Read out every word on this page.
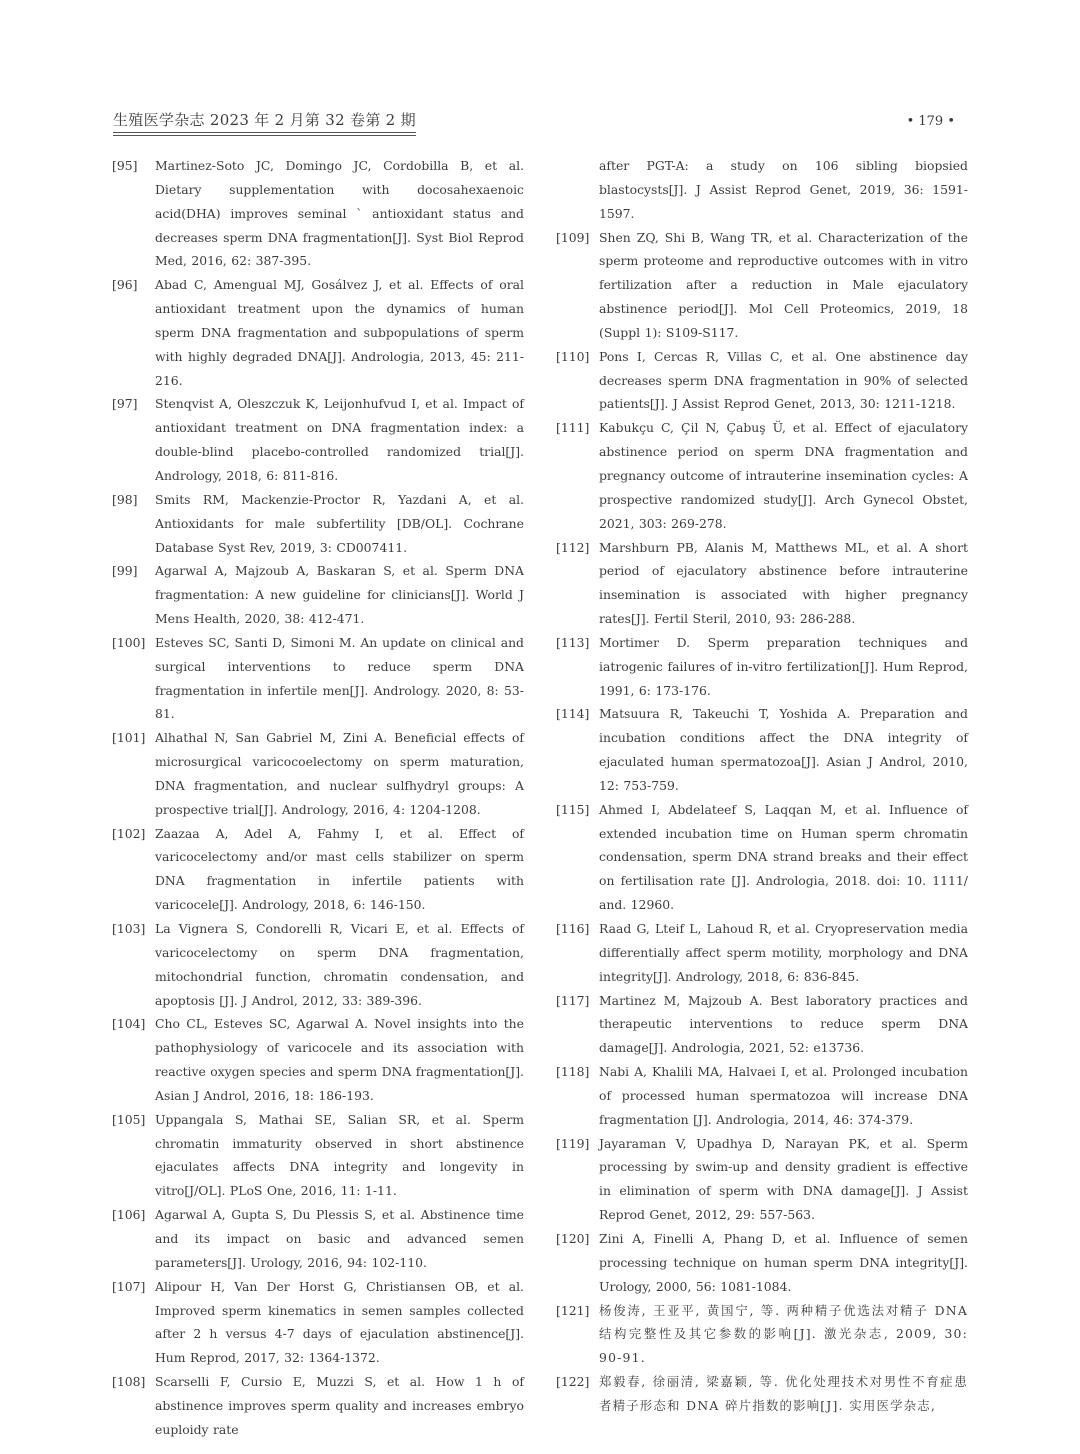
生殖医学杂志 2023 年 2 月第 32 卷第 2 期	• 179 •
[95] Martinez-Soto JC, Domingo JC, Cordobilla B, et al. Dietary supplementation with docosahexaenoic acid(DHA) improves seminal ` antioxidant status and decreases sperm DNA fragmentation[J]. Syst Biol Reprod Med, 2016, 62: 387-395.
[96] Abad C, Amengual MJ, Gosálvez J, et al. Effects of oral antioxidant treatment upon the dynamics of human sperm DNA fragmentation and subpopulations of sperm with highly degraded DNA[J]. Andrologia, 2013, 45: 211-216.
[97] Stenqvist A, Oleszczuk K, Leijonhufvud I, et al. Impact of antioxidant treatment on DNA fragmentation index: a double-blind placebo-controlled randomized trial[J]. Andrology, 2018, 6: 811-816.
[98] Smits RM, Mackenzie-Proctor R, Yazdani A, et al. Antioxidants for male subfertility [DB/OL]. Cochrane Database Syst Rev, 2019, 3: CD007411.
[99] Agarwal A, Majzoub A, Baskaran S, et al. Sperm DNA fragmentation: A new guideline for clinicians[J]. World J Mens Health, 2020, 38: 412-471.
[100] Esteves SC, Santi D, Simoni M. An update on clinical and surgical interventions to reduce sperm DNA fragmentation in infertile men[J]. Andrology. 2020, 8: 53-81.
[101] Alhathal N, San Gabriel M, Zini A. Beneficial effects of microsurgical varicocoelectomy on sperm maturation, DNA fragmentation, and nuclear sulfhydryl groups: A prospective trial[J]. Andrology, 2016, 4: 1204-1208.
[102] Zaazaa A, Adel A, Fahmy I, et al. Effect of varicocelectomy and/or mast cells stabilizer on sperm DNA fragmentation in infertile patients with varicocele[J]. Andrology, 2018, 6: 146-150.
[103] La Vignera S, Condorelli R, Vicari E, et al. Effects of varicocelectomy on sperm DNA fragmentation, mitochondrial function, chromatin condensation, and apoptosis [J]. J Androl, 2012, 33: 389-396.
[104] Cho CL, Esteves SC, Agarwal A. Novel insights into the pathophysiology of varicocele and its association with reactive oxygen species and sperm DNA fragmentation[J]. Asian J Androl, 2016, 18: 186-193.
[105] Uppangala S, Mathai SE, Salian SR, et al. Sperm chromatin immaturity observed in short abstinence ejaculates affects DNA integrity and longevity in vitro[J/OL]. PLoS One, 2016, 11: 1-11.
[106] Agarwal A, Gupta S, Du Plessis S, et al. Abstinence time and its impact on basic and advanced semen parameters[J]. Urology, 2016, 94: 102-110.
[107] Alipour H, Van Der Horst G, Christiansen OB, et al. Improved sperm kinematics in semen samples collected after 2 h versus 4-7 days of ejaculation abstinence[J]. Hum Reprod, 2017, 32: 1364-1372.
[108] Scarselli F, Cursio E, Muzzi S, et al. How 1 h of abstinence improves sperm quality and increases embryo euploidy rate
after PGT-A: a study on 106 sibling biopsied blastocysts[J]. J Assist Reprod Genet, 2019, 36: 1591-1597.
[109] Shen ZQ, Shi B, Wang TR, et al. Characterization of the sperm proteome and reproductive outcomes with in vitro fertilization after a reduction in Male ejaculatory abstinence period[J]. Mol Cell Proteomics, 2019, 18 (Suppl 1): S109-S117.
[110] Pons I, Cercas R, Villas C, et al. One abstinence day decreases sperm DNA fragmentation in 90% of selected patients[J]. J Assist Reprod Genet, 2013, 30: 1211-1218.
[111] Kabukçu C, Çil N, Çabuş Ü, et al. Effect of ejaculatory abstinence period on sperm DNA fragmentation and pregnancy outcome of intrauterine insemination cycles: A prospective randomized study[J]. Arch Gynecol Obstet, 2021, 303: 269-278.
[112] Marshburn PB, Alanis M, Matthews ML, et al. A short period of ejaculatory abstinence before intrauterine insemination is associated with higher pregnancy rates[J]. Fertil Steril, 2010, 93: 286-288.
[113] Mortimer D. Sperm preparation techniques and iatrogenic failures of in-vitro fertilization[J]. Hum Reprod, 1991, 6: 173-176.
[114] Matsuura R, Takeuchi T, Yoshida A. Preparation and incubation conditions affect the DNA integrity of ejaculated human spermatozoa[J]. Asian J Androl, 2010, 12: 753-759.
[115] Ahmed I, Abdelateef S, Laqqan M, et al. Influence of extended incubation time on Human sperm chromatin condensation, sperm DNA strand breaks and their effect on fertilisation rate [J]. Andrologia, 2018. doi: 10. 1111/ and. 12960.
[116] Raad G, Lteif L, Lahoud R, et al. Cryopreservation media differentially affect sperm motility, morphology and DNA integrity[J]. Andrology, 2018, 6: 836-845.
[117] Martinez M, Majzoub A. Best laboratory practices and therapeutic interventions to reduce sperm DNA damage[J]. Andrologia, 2021, 52: e13736.
[118] Nabi A, Khalili MA, Halvaei I, et al. Prolonged incubation of processed human spermatozoa will increase DNA fragmentation [J]. Andrologia, 2014, 46: 374-379.
[119] Jayaraman V, Upadhya D, Narayan PK, et al. Sperm processing by swim-up and density gradient is effective in elimination of sperm with DNA damage[J]. J Assist Reprod Genet, 2012, 29: 557-563.
[120] Zini A, Finelli A, Phang D, et al. Influence of semen processing technique on human sperm DNA integrity[J]. Urology, 2000, 56: 1081-1084.
[121] 杨俊涛, 王亚平, 黄国宁, 等. 两种精子优选法对精子 DNA 结构完整性及其它参数的影响[J]. 激光杂志, 2009, 30: 90-91.
[122] 郑毅春, 徐丽清, 梁嘉颖, 等. 优化处理技术对男性不育症患者精子形态和 DNA 碎片指数的影响[J]. 实用医学杂志,
